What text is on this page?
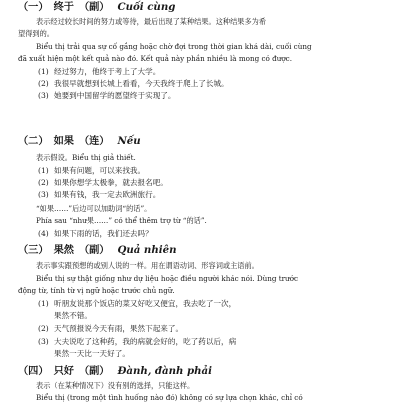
（一） 终于 （副） Cuối cùng
表示经过较长时间的努力或等待，最后出现了某种结果。这种结果多为希
望得到的。
Biểu thị trải qua sự cố gắng hoặc chờ đợi trong thời gian khá dài, cuối cùng
đã xuất hiện một kết quả nào đó. Kết quả này phần nhiều là mong có được.
(1) 经过努力，他终于考上了大学。
(2) 我很早就想到长城上看看，今天我终于爬上了长城。
(3) 她要到中国留学的愿望终于实现了。
（二） 如果 （连） Nếu
表示假设。Biểu thị giả thiết.
(1) 如果有问题，可以来找我。
(2) 如果你想学太极拳，就去报名吧。
(3) 如果有钱，我一定去欧洲旅行。
“如果……”后边可以加助词“的话”。
Phía sau “như果……” có thể thêm trợ từ “的话”.
(4) 如果下雨的话，我们还去吗？
（三） 果然 （副） Quả nhiên
表示事实跟预想的或别人说的一样。用在谓语动词、形容词或主语前。
Biểu thị sự thật giống như dự liệu hoặc điều người khác nói. Dùng trước
động từ, tính từ vị ngữ hoặc trước chủ ngữ.
(1) 听朋友说那个饭店的菜又好吃又便宜，我去吃了一次，
果然不错。
(2) 天气预报说今天有雨，果然下起来了。
(3) 大夫说吃了这种药，我的病就会好的，吃了药以后，病
果然一天比一天好了。
（四） 只好 （副） Đành, đành phải
表示（在某种情况下）没有别的选择，只能这样。
Biểu thị (trong một tình huống nào đó) không có sự lựa chọn khác, chỉ có
